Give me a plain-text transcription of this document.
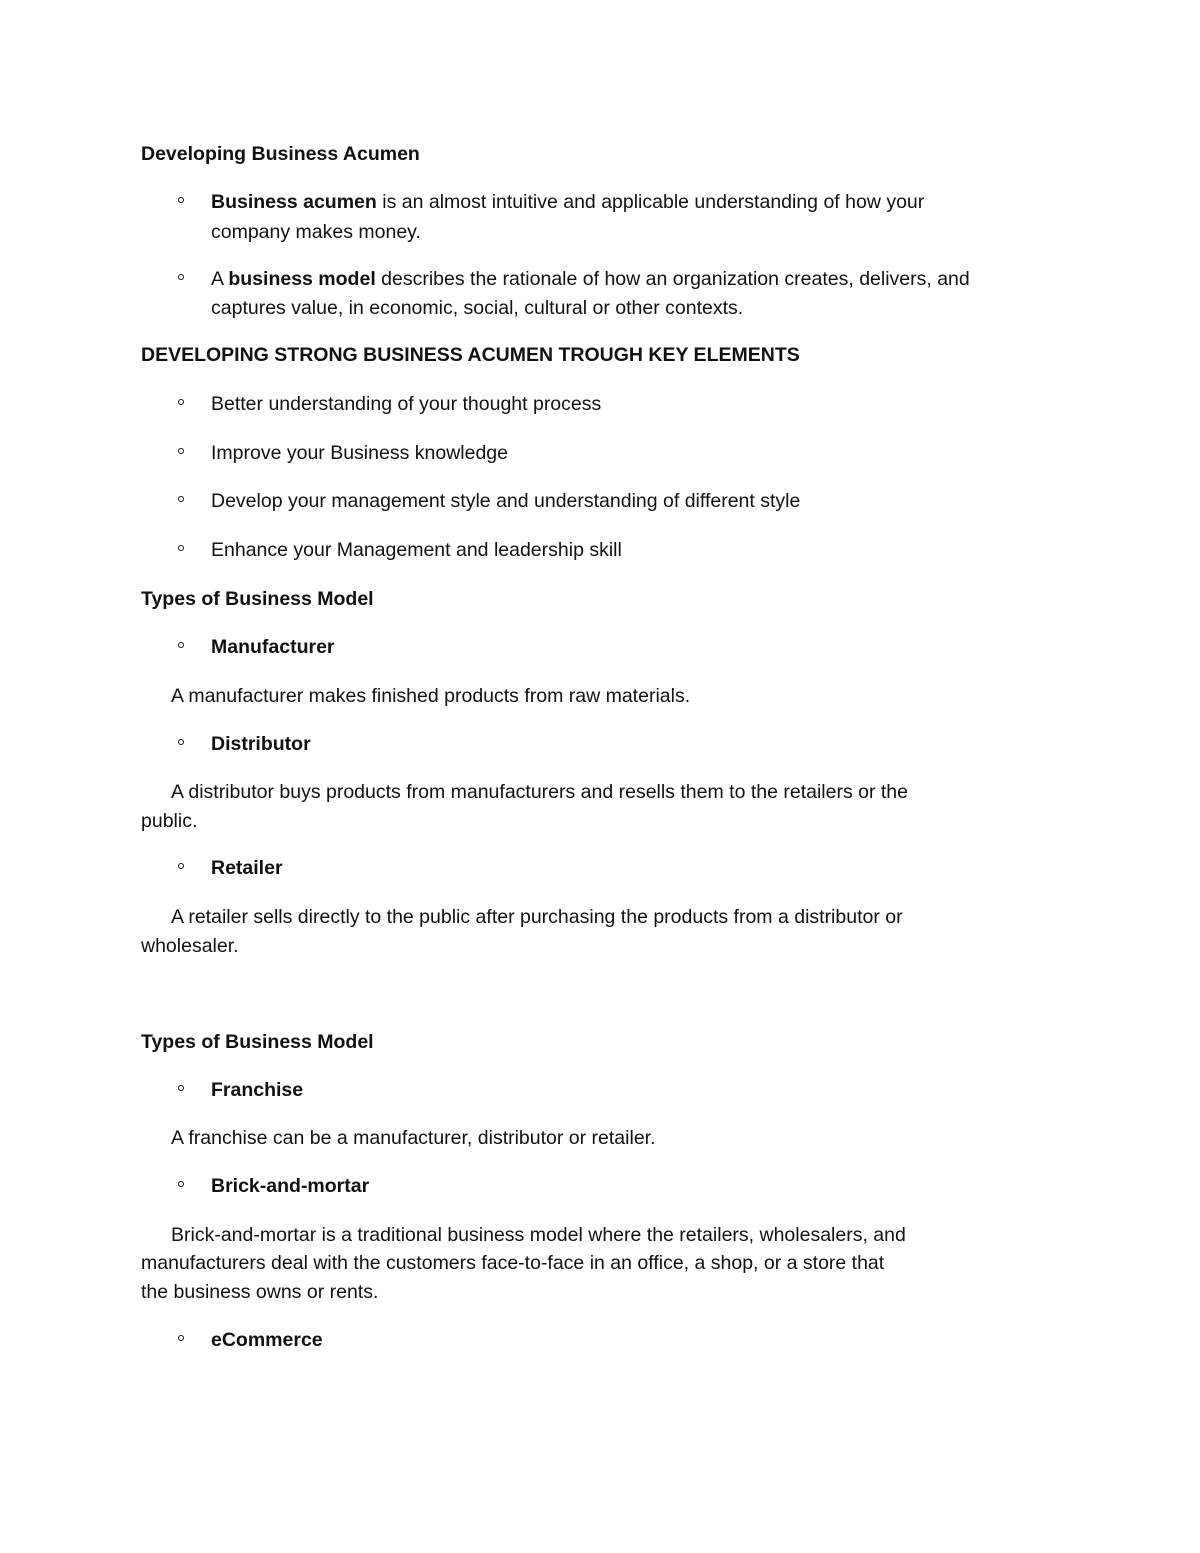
Developing Business Acumen
Business acumen is an almost intuitive and applicable understanding of how your
company makes money.
A business model describes the rationale of how an organization creates, delivers, and
captures value, in economic, social, cultural or other contexts.
DEVELOPING STRONG BUSINESS ACUMEN TROUGH KEY ELEMENTS
Better understanding of your thought process
Improve your Business knowledge
Develop your management style and understanding of different style
Enhance your Management and leadership skill
Types of Business Model
Manufacturer
A manufacturer makes finished products from raw materials.
Distributor
A distributor buys products from manufacturers and resells them to the retailers or the
public.
Retailer
A retailer sells directly to the public after purchasing the products from a distributor or
wholesaler.
Types of Business Model
Franchise
A franchise can be a manufacturer, distributor or retailer.
Brick-and-mortar
Brick-and-mortar is a traditional business model where the retailers, wholesalers, and
manufacturers deal with the customers face-to-face in an office, a shop, or a store that
the business owns or rents.
eCommerce
